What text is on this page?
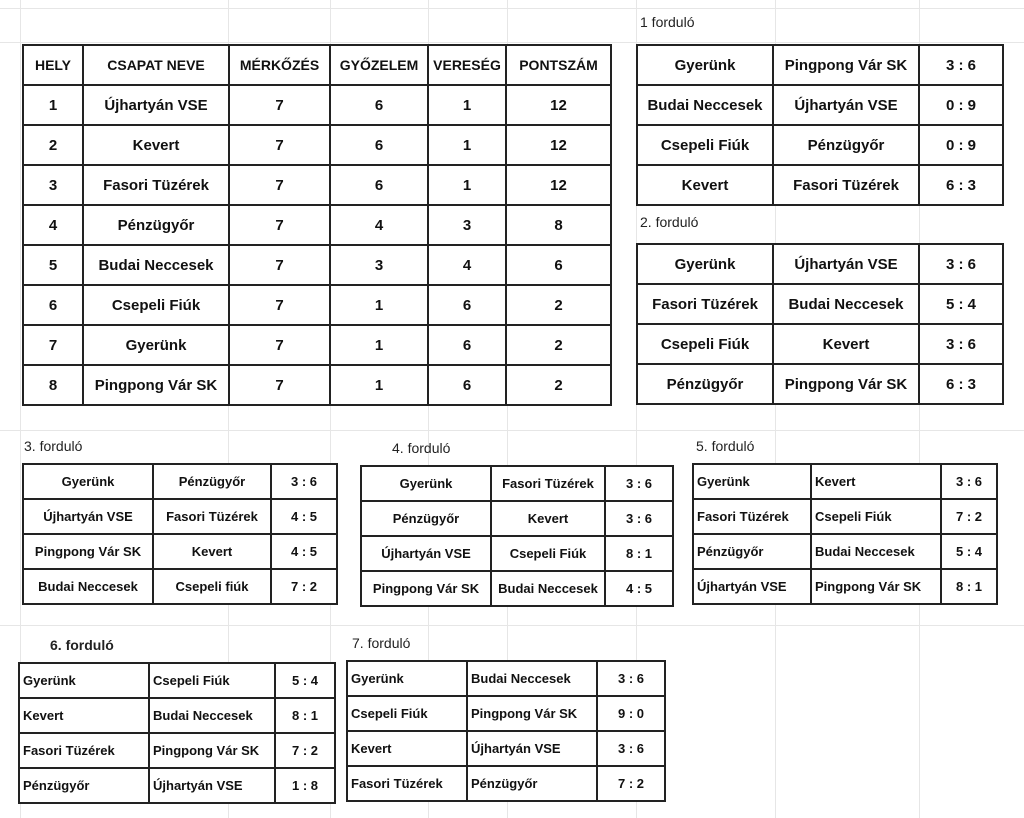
HELY	CSAPAT NEVE	MÉRKŐZÉS	GYŐZELEM	VERESÉG	PONTSZÁM
1	Újhartyán VSE	7	6	1	12
2	Kevert	7	6	1	12
3	Fasori Tüzérek	7	6	1	12
4	Pénzügyőr	7	4	3	8
5	Budai Neccesek	7	3	4	6
6	Csepeli Fiúk	7	1	6	2
7	Gyerünk	7	1	6	2
8	Pingpong Vár SK	7	1	6	2
1 forduló
2. forduló
3. forduló	4. forduló	5. forduló
6. forduló	7. forduló
Gyerünk	Pingpong Vár SK	3 : 6
Budai Neccesek	Újhartyán VSE	0 : 9
Csepeli Fiúk	Pénzügyőr	0 : 9
Kevert	Fasori Tüzérek	6 : 3
Gyerünk	Újhartyán VSE	3 : 6
Fasori Tüzérek	Budai Neccesek	5 : 4
Csepeli Fiúk	Kevert	3 : 6
Pénzügyőr	Pingpong Vár SK	6 : 3
Gyerünk	Pénzügyőr	3 : 6
Újhartyán VSE	Fasori Tüzérek	4 : 5
Pingpong Vár SK	Kevert	4 : 5
Budai Neccesek	Csepeli fiúk	7 : 2
Gyerünk	Fasori Tüzérek	3 : 6
Pénzügyőr	Kevert	3 : 6
Újhartyán VSE	Csepeli Fiúk	8 : 1
Pingpong Vár SK	Budai Neccesek	4 : 5
Gyerünk	Kevert	3 : 6
Fasori Tüzérek	Csepeli Fiúk	7 : 2
Pénzügyőr	Budai Neccesek	5 : 4
Újhartyán VSE	Pingpong Vár SK	8 : 1
Gyerünk	Csepeli Fiúk	5 : 4
Kevert	Budai Neccesek	8 : 1
Fasori Tüzérek	Pingpong Vár SK	7 : 2
Pénzügyőr	Újhartyán VSE	1 : 8
Gyerünk	Budai Neccesek	3 : 6
Csepeli Fiúk	Pingpong Vár SK	9 : 0
Kevert	Újhartyán VSE	3 : 6
Fasori Tüzérek	Pénzügyőr	7 : 2
